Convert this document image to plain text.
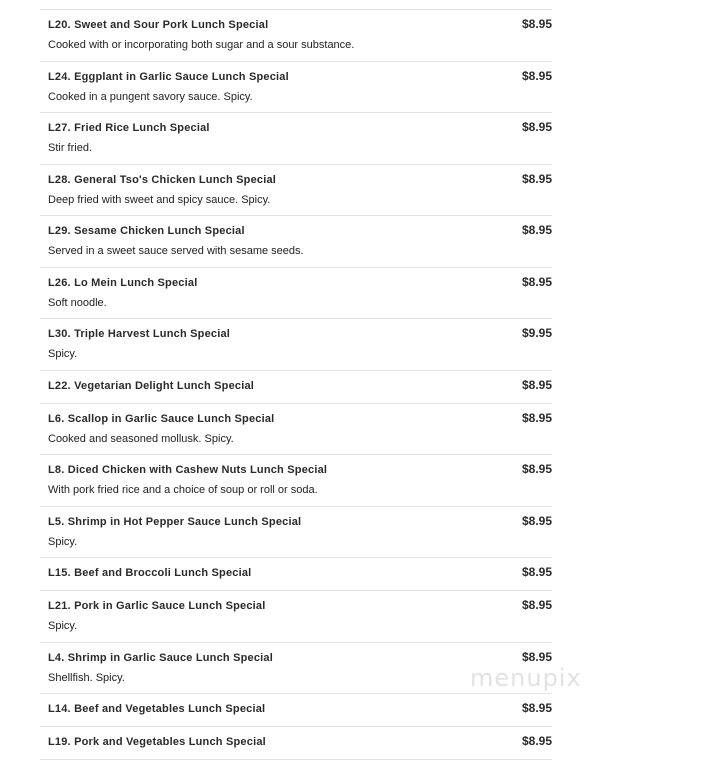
L20. Sweet and Sour Pork Lunch Special
Cooked with or incorporating both sugar and a sour substance.
$8.95
L24. Eggplant in Garlic Sauce Lunch Special
Cooked in a pungent savory sauce. Spicy.
$8.95
L27. Fried Rice Lunch Special
Stir fried.
$8.95
L28. General Tso's Chicken Lunch Special
Deep fried with sweet and spicy sauce. Spicy.
$8.95
L29. Sesame Chicken Lunch Special
Served in a sweet sauce served with sesame seeds.
$8.95
L26. Lo Mein Lunch Special
Soft noodle.
$8.95
L30. Triple Harvest Lunch Special
Spicy.
$9.95
L22. Vegetarian Delight Lunch Special	$8.95
L6. Scallop in Garlic Sauce Lunch Special
Cooked and seasoned mollusk. Spicy.
$8.95
L8. Diced Chicken with Cashew Nuts Lunch Special
With pork fried rice and a choice of soup or roll or soda.
$8.95
L5. Shrimp in Hot Pepper Sauce Lunch Special
Spicy.
$8.95
L15. Beef and Broccoli Lunch Special	$8.95
L21. Pork in Garlic Sauce Lunch Special
Spicy.
$8.95
L4. Shrimp in Garlic Sauce Lunch Special
Shellfish. Spicy.
$8.95
L14. Beef and Vegetables Lunch Special	$8.95
L19. Pork and Vegetables Lunch Special	$8.95
menupix
